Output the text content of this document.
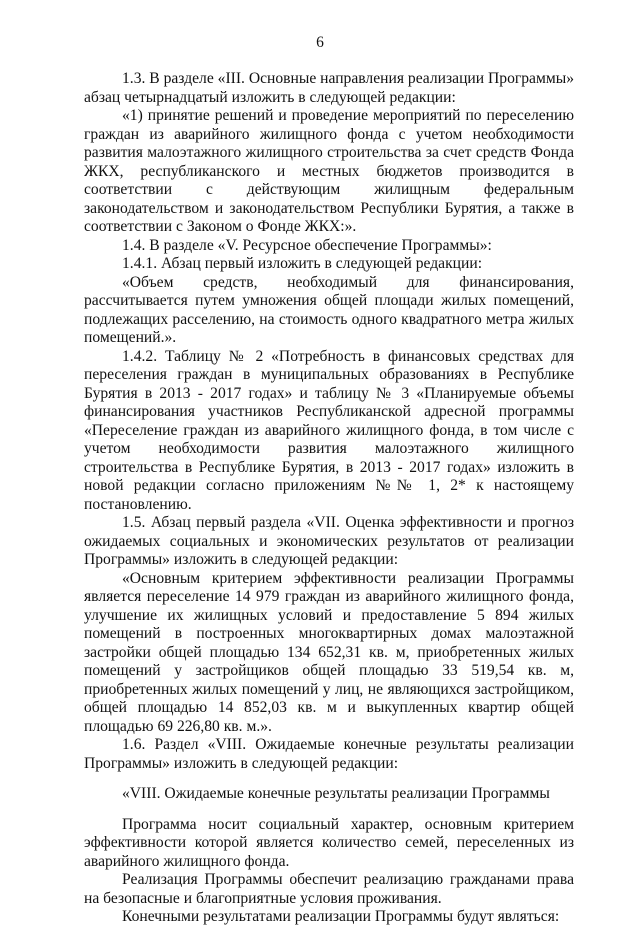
6

1.3. В разделе «III. Основные направления реализации Программы» абзац четырнадцатый изложить в следующей редакции:

«1) принятие решений и проведение мероприятий по переселению граждан из аварийного жилищного фонда с учетом необходимости развития малоэтажного жилищного строительства за счет средств Фонда ЖКХ, республиканского и местных бюджетов производится в соответствии с действующим жилищным федеральным законодательством и законодательством Республики Бурятия, а также в соответствии с Законом о Фонде ЖКХ:».

1.4. В разделе «V. Ресурсное обеспечение Программы»:

1.4.1. Абзац первый изложить в следующей редакции:

«Объем средств, необходимый для финансирования, рассчитывается путем умножения общей площади жилых помещений, подлежащих расселению, на стоимость одного квадратного метра жилых помещений.».

1.4.2. Таблицу № 2 «Потребность в финансовых средствах для переселения граждан в муниципальных образованиях в Республике Бурятия в 2013 - 2017 годах» и таблицу № 3 «Планируемые объемы финансирования участников Республиканской адресной программы «Переселение граждан из аварийного жилищного фонда, в том числе с учетом необходимости развития малоэтажного жилищного строительства в Республике Бурятия, в 2013 - 2017 годах» изложить в новой редакции согласно приложениям №№ 1, 2* к настоящему постановлению.

1.5. Абзац первый раздела «VII. Оценка эффективности и прогноз ожидаемых социальных и экономических результатов от реализации Программы» изложить в следующей редакции:

«Основным критерием эффективности реализации Программы является переселение 14 979 граждан из аварийного жилищного фонда, улучшение их жилищных условий и предоставление 5 894 жилых помещений в построенных многоквартирных домах малоэтажной застройки общей площадью 134 652,31 кв. м, приобретенных жилых помещений у застройщиков общей площадью 33 519,54 кв. м, приобретенных жилых помещений у лиц, не являющихся застройщиком, общей площадью 14 852,03 кв. м и выкупленных квартир общей площадью 69 226,80 кв. м.».

1.6. Раздел «VIII. Ожидаемые конечные результаты реализации Программы» изложить в следующей редакции:

«VIII. Ожидаемые конечные результаты реализации Программы

Программа носит социальный характер, основным критерием эффективности которой является количество семей, переселенных из аварийного жилищного фонда.

Реализация Программы обеспечит реализацию гражданами права на безопасные и благоприятные условия проживания.

Конечными результатами реализации Программы будут являться:
